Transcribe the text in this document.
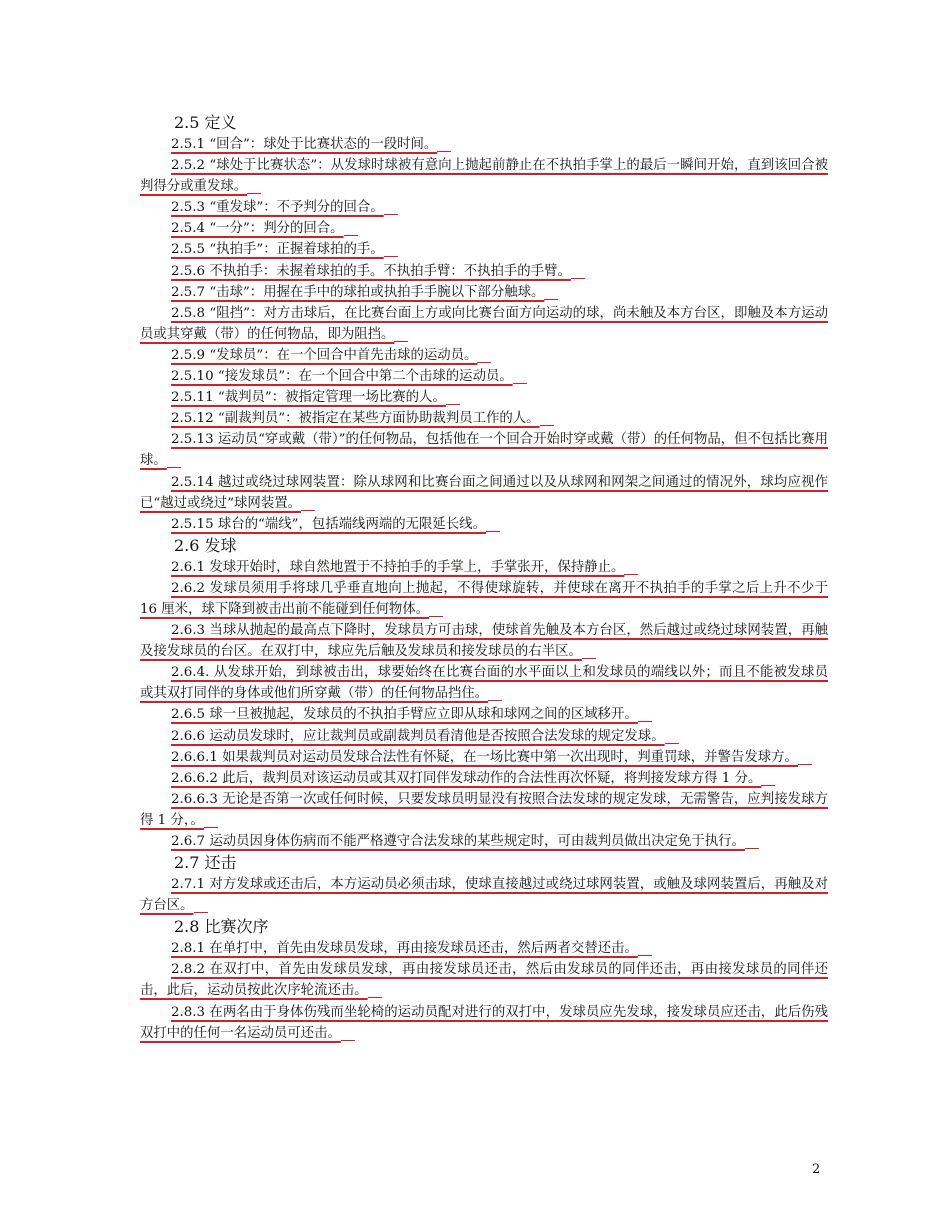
2.5 定义

2.5.1 “回合”：球处于比赛状态的一段时间。

2.5.2 “球处于比赛状态”：从发球时球被有意向上抛起前静止在不执拍手掌上的最后一瞬间开始，直到该回合被判得分或重发球。

2.5.3 “重发球”：不予判分的回合。

2.5.4 “一分”：判分的回合。

2.5.5 “执拍手”：正握着球拍的手。

2.5.6 不执拍手：未握着球拍的手。不执拍手臂：不执拍手的手臂。

2.5.7 “击球”：用握在手中的球拍或执拍手手腕以下部分触球。

2.5.8 “阻挡”：对方击球后，在比赛台面上方或向比赛台面方向运动的球，尚未触及本方台区，即触及本方运动员或其穿戴（带）的任何物品，即为阻挡。

2.5.9 “发球员”：在一个回合中首先击球的运动员。

2.5.10 “接发球员”：在一个回合中第二个击球的运动员。

2.5.11 “裁判员”：被指定管理一场比赛的人。

2.5.12 “副裁判员”：被指定在某些方面协助裁判员工作的人。

2.5.13 运动员“穿或戴（带）”的任何物品，包括他在一个回合开始时穿或戴（带）的任何物品，但不包括比赛用球。

2.5.14 越过或绕过球网装置：除从球网和比赛台面之间通过以及从球网和网架之间通过的情况外，球均应视作已“越过或绕过”球网装置。

2.5.15 球台的“端线”，包括端线两端的无限延长线。

2.6 发球

2.6.1 发球开始时，球自然地置于不持拍手的手掌上，手掌张开，保持静止。

2.6.2 发球员须用手将球几乎垂直地向上抛起，不得使球旋转，并使球在离开不执拍手的手掌之后上升不少于 16 厘米，球下降到被击出前不能碰到任何物体。

2.6.3 当球从抛起的最高点下降时，发球员方可击球，使球首先触及本方台区，然后越过或绕过球网装置，再触及接发球员的台区。在双打中，球应先后触及发球员和接发球员的右半区。

2.6.4. 从发球开始，到球被击出，球要始终在比赛台面的水平面以上和发球员的端线以外；而且不能被发球员或其双打同伴的身体或他们所穿戴（带）的任何物品挡住。

2.6.5 球一旦被抛起，发球员的不执拍手臂应立即从球和球网之间的区域移开。

2.6.6 运动员发球时，应让裁判员或副裁判员看清他是否按照合法发球的规定发球。

2.6.6.1 如果裁判员对运动员发球合法性有怀疑，在一场比赛中第一次出现时，判重罚球，并警告发球方。

2.6.6.2 此后，裁判员对该运动员或其双打同伴发球动作的合法性再次怀疑，将判接发球方得 1 分。

2.6.6.3 无论是否第一次或任何时候，只要发球员明显没有按照合法发球的规定发球，无需警告，应判接发球方得 1 分，。

2.6.7 运动员因身体伤病而不能严格遵守合法发球的某些规定时，可由裁判员做出决定免于执行。

2.7 还击

2.7.1 对方发球或还击后，本方运动员必须击球，使球直接越过或绕过球网装置，或触及球网装置后，再触及对方台区。

2.8 比赛次序

2.8.1 在单打中，首先由发球员发球，再由接发球员还击，然后两者交替还击。

2.8.2 在双打中，首先由发球员发球，再由接发球员还击，然后由发球员的同伴还击，再由接发球员的同伴还击，此后，运动员按此次序轮流还击。

2.8.3 在两名由于身体伤残而坐轮椅的运动员配对进行的双打中，发球员应先发球，接发球员应还击，此后伤残双打中的任何一名运动员可还击。

2
